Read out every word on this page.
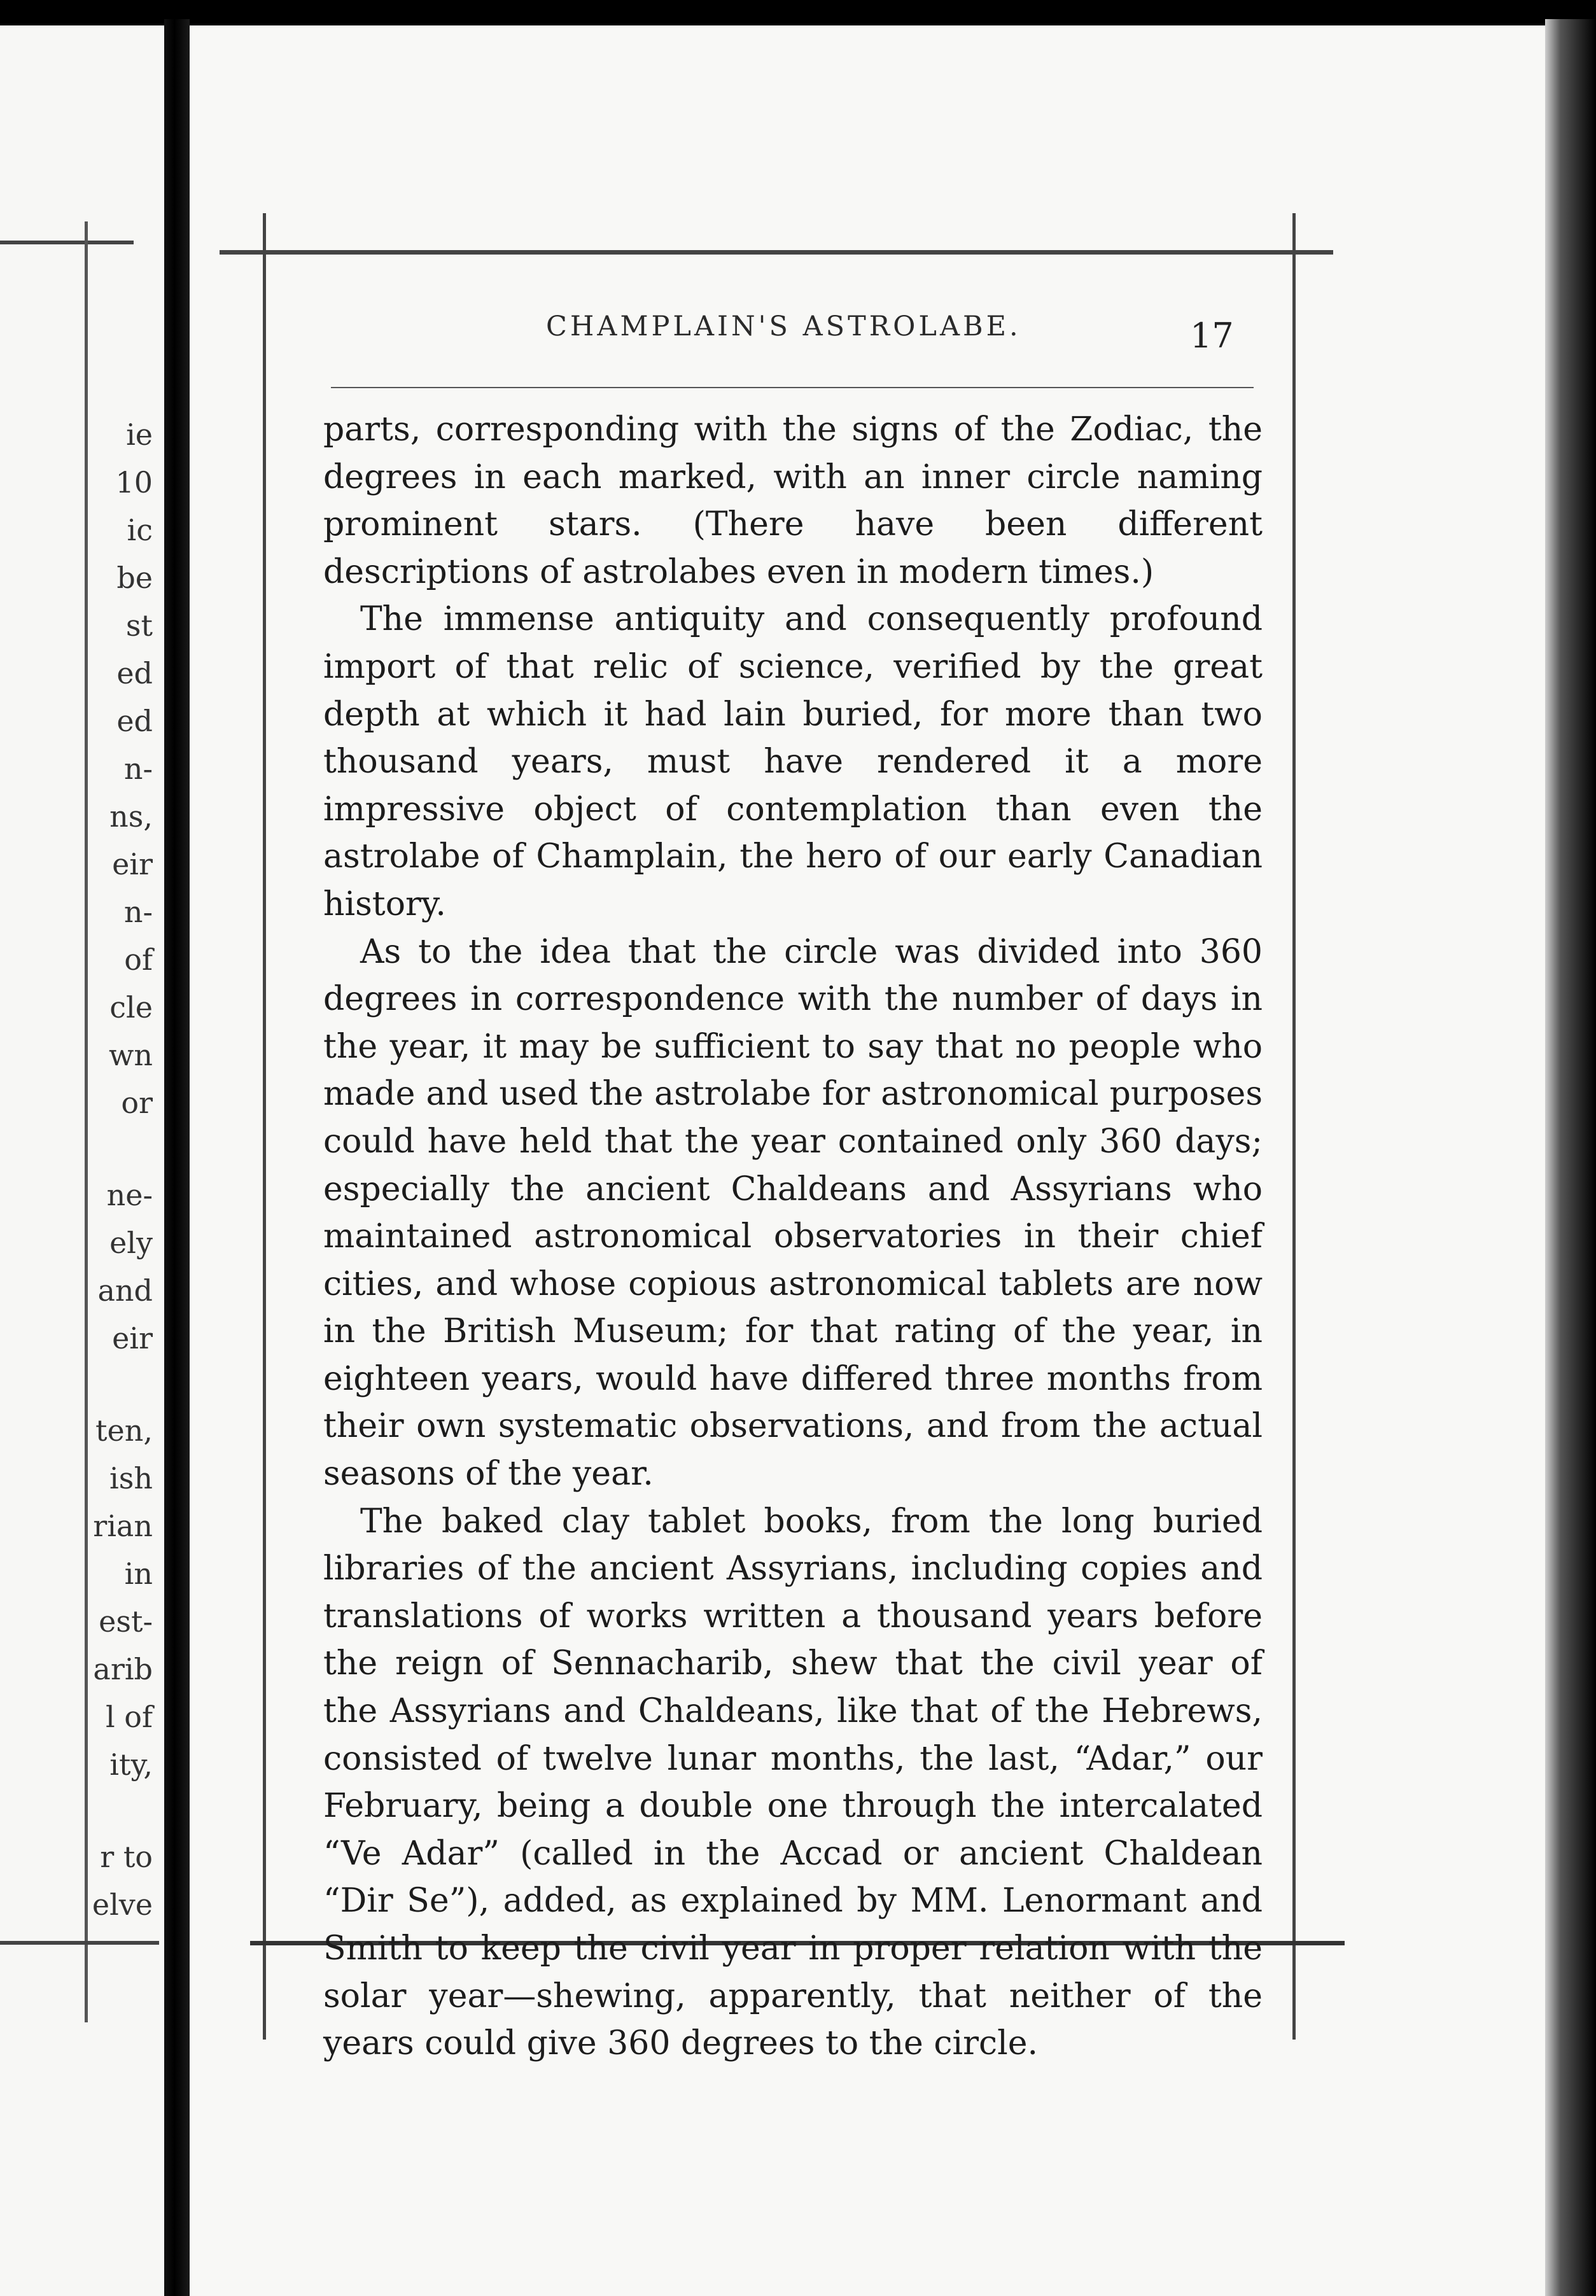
ie
10
ic
be
st
ed
ed
n-
ns,
eir
n-
of
cle
wn
or
ne-
ely
and
eir
ten,
ish
rian
in
est-
arib
l of
ity,
r to
elve
CHAMPLAIN'S ASTROLABE.	17

parts, corresponding with the signs of the Zodiac, the degrees in each marked, with an inner circle naming prominent stars. (There have been different descriptions of astrolabes even in modern times.)

The immense antiquity and consequently profound import of that relic of science, verified by the great depth at which it had lain buried, for more than two thousand years, must have rendered it a more impressive object of contemplation than even the astrolabe of Champlain, the hero of our early Canadian history.

As to the idea that the circle was divided into 360 degrees in correspondence with the number of days in the year, it may be sufficient to say that no people who made and used the astrolabe for astronomical purposes could have held that the year contained only 360 days; especially the ancient Chaldeans and Assyrians who maintained astronomical observatories in their chief cities, and whose copious astronomical tablets are now in the British Museum; for that rating of the year, in eighteen years, would have differed three months from their own systematic observations, and from the actual seasons of the year.

The baked clay tablet books, from the long buried libraries of the ancient Assyrians, including copies and translations of works written a thousand years before the reign of Sennacharib, shew that the civil year of the Assyrians and Chaldeans, like that of the Hebrews, consisted of twelve lunar months, the last, “Adar,” our February, being a double one through the intercalated “Ve Adar” (called in the Accad or ancient Chaldean “Dir Se”), added, as explained by MM. Lenormant and Smith to keep the civil year in proper relation with the solar year—shewing, apparently, that neither of the years could give 360 degrees to the circle.
